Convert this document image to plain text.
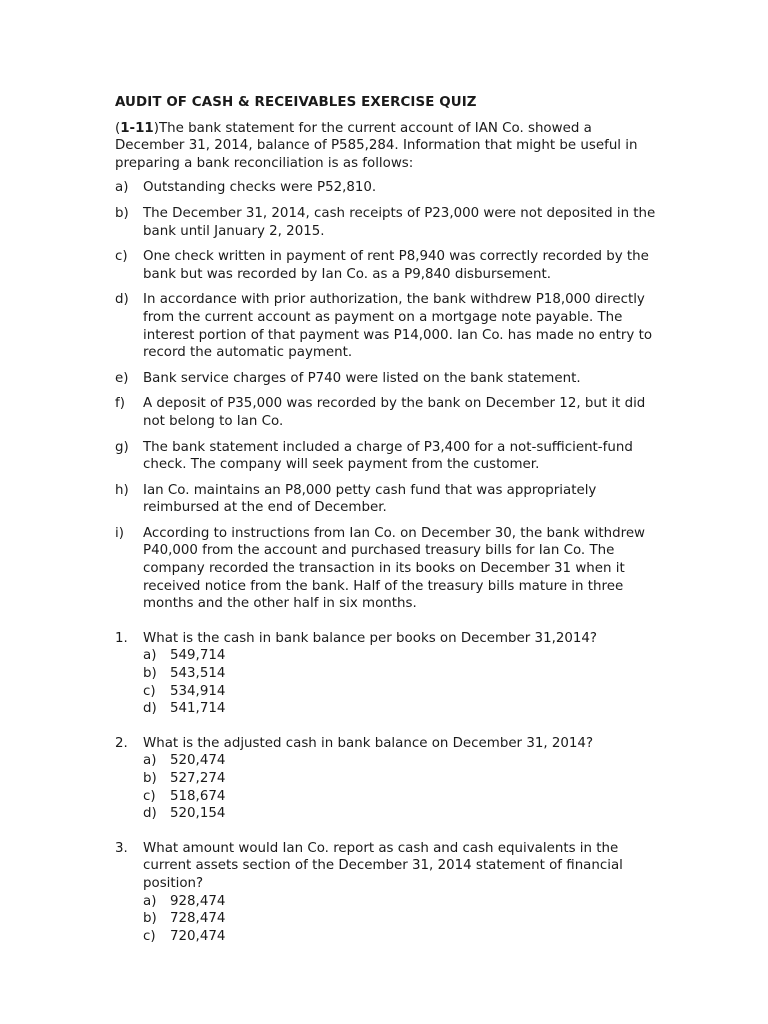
AUDIT OF CASH & RECEIVABLES EXERCISE QUIZ
(1-11)The bank statement for the current account of IAN Co. showed a December 31, 2014, balance of P585,284. Information that might be useful in preparing a bank reconciliation is as follows:
a)	Outstanding checks were P52,810.
b)	The December 31, 2014, cash receipts of P23,000 were not deposited in the bank until January 2, 2015.
c)	One check written in payment of rent P8,940 was correctly recorded by the bank but was recorded by Ian Co. as a P9,840 disbursement.
d)	In accordance with prior authorization, the bank withdrew P18,000 directly from the current account as payment on a mortgage note payable. The interest portion of that payment was P14,000. Ian Co. has made no entry to record the automatic payment.
e)	Bank service charges of P740 were listed on the bank statement.
f)	A deposit of P35,000 was recorded by the bank on December 12, but it did not belong to Ian Co.
g)	The bank statement included a charge of P3,400 for a not-sufficient-fund check. The company will seek payment from the customer.
h)	Ian Co. maintains an P8,000 petty cash fund that was appropriately reimbursed at the end of December.
i)	According to instructions from Ian Co. on December 30, the bank withdrew P40,000 from the account and purchased treasury bills for Ian Co. The company recorded the transaction in its books on December 31 when it received notice from the bank. Half of the treasury bills mature in three months and the other half in six months.
1.	What is the cash in bank balance per books on December 31,2014?
a)	549,714
b) 543,514
c)	534,914
d) 541,714
2.	What is the adjusted cash in bank balance on December 31, 2014?
a)	520,474
b) 527,274
c)	518,674
d) 520,154
3.	What amount would Ian Co. report as cash and cash equivalents in the current assets section of the December 31, 2014 statement of financial position?
a)	928,474
b) 728,474
c)	720,474
